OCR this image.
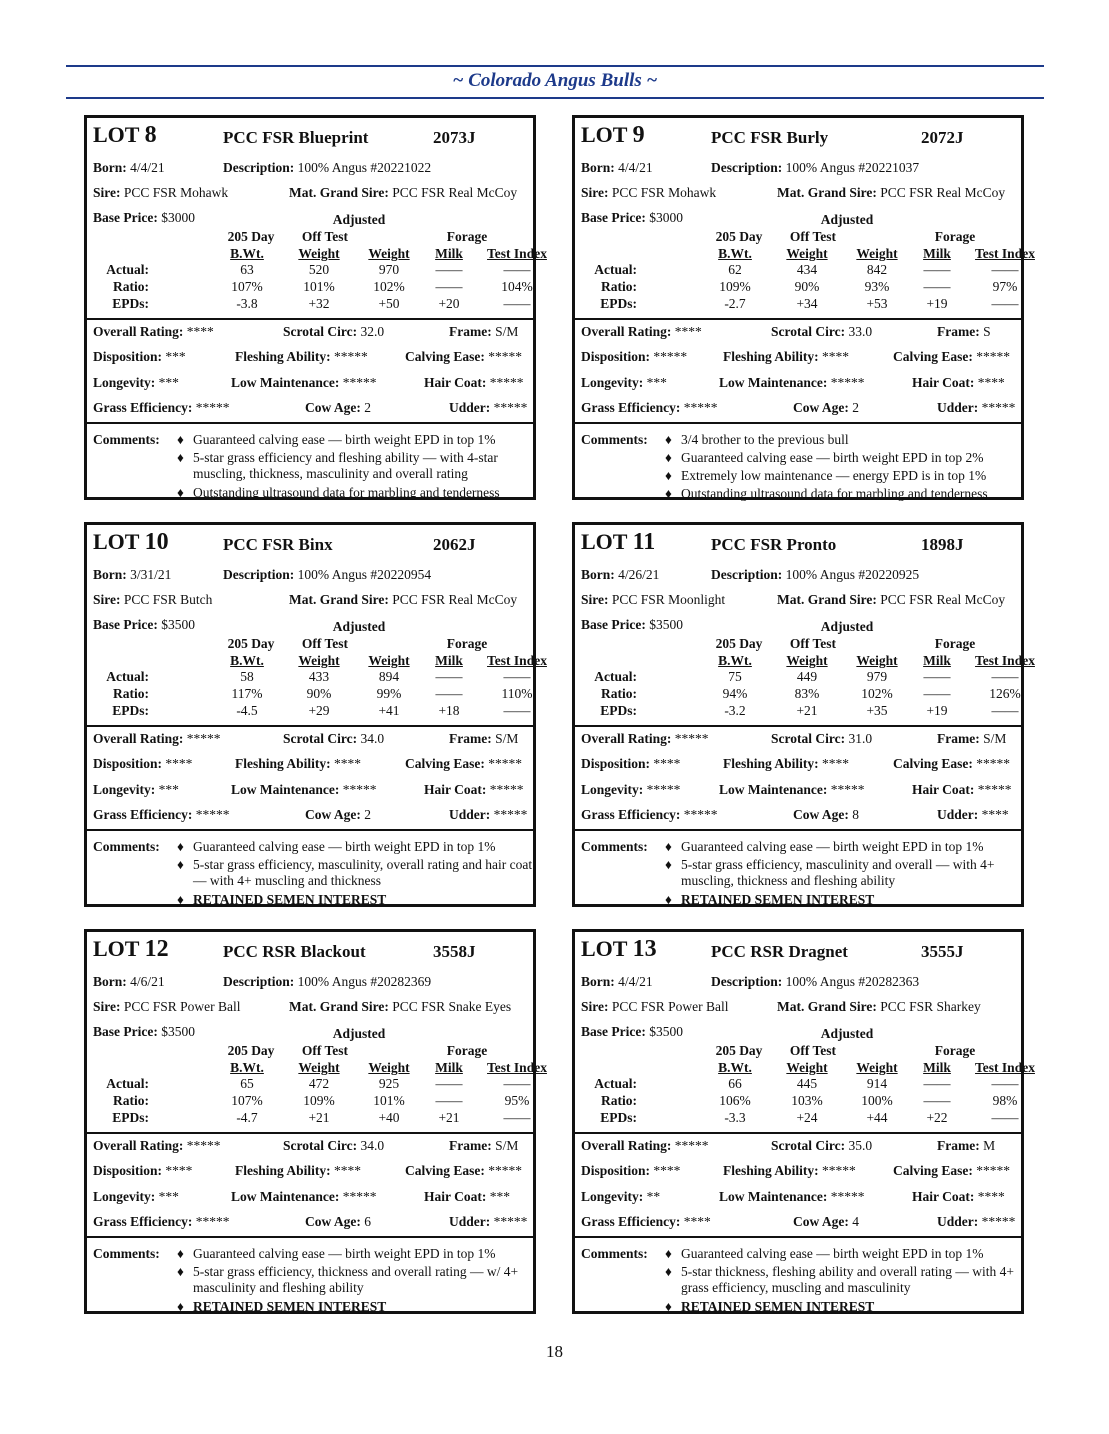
~ Colorado Angus Bulls ~
LOT 8	PCC FSR Blueprint	2073J
Born: 4/4/21	Description: 100% Angus #20221022
Sire: PCC FSR Mohawk	Mat. Grand Sire: PCC FSR Real McCoy
Base Price: $3000	Adjusted
205 Day	Off Test	Forage
B.Wt.	Weight	Weight	Milk	Test Index
Actual:	63	520	970	——	——
Ratio:	107%	101%	102%	——	104%
EPDs:	-3.8	+32	+50	+20	——
Overall Rating: ****	Scrotal Circ: 32.0	Frame: S/M
Disposition: ***	Fleshing Ability: *****	Calving Ease: *****
Longevity: ***	Low Maintenance: *****	Hair Coat: *****
Grass Efficiency: *****	Cow Age: 2	Udder: *****
Comments: ♦ Guaranteed calving ease — birth weight EPD in top 1%
♦ 5-star grass efficiency and fleshing ability — with 4-star muscling, thickness, masculinity and overall rating
♦ Outstanding ultrasound data for marbling and tenderness
LOT 9	PCC FSR Burly	2072J
Born: 4/4/21	Description: 100% Angus #20221037
Sire: PCC FSR Mohawk	Mat. Grand Sire: PCC FSR Real McCoy
Base Price: $3000	Adjusted
205 Day	Off Test	Forage
B.Wt.	Weight	Weight	Milk	Test Index
Actual:	62	434	842	——	——
Ratio:	109%	90%	93%	——	97%
EPDs:	-2.7	+34	+53	+19	——
Overall Rating: ****	Scrotal Circ: 33.0	Frame: S
Disposition: *****	Fleshing Ability: ****	Calving Ease: *****
Longevity: ***	Low Maintenance: *****	Hair Coat: ****
Grass Efficiency: *****	Cow Age: 2	Udder: *****
Comments: ♦ 3/4 brother to the previous bull
♦ Guaranteed calving ease — birth weight EPD in top 2%
♦ Extremely low maintenance — energy EPD is in top 1%
♦ Outstanding ultrasound data for marbling and tenderness
LOT 10	PCC FSR Binx	2062J
Born: 3/31/21	Description: 100% Angus #20220954
Sire: PCC FSR Butch	Mat. Grand Sire: PCC FSR Real McCoy
Base Price: $3500	Adjusted
205 Day	Off Test	Forage
B.Wt.	Weight	Weight	Milk	Test Index
Actual:	58	433	894	——	——
Ratio:	117%	90%	99%	——	110%
EPDs:	-4.5	+29	+41	+18	——
Overall Rating: *****	Scrotal Circ: 34.0	Frame: S/M
Disposition: ****	Fleshing Ability: ****	Calving Ease: *****
Longevity: ***	Low Maintenance: *****	Hair Coat: *****
Grass Efficiency: *****	Cow Age: 2	Udder: *****
Comments: ♦ Guaranteed calving ease — birth weight EPD in top 1%
♦ 5-star grass efficiency, masculinity, overall rating and hair coat — with 4+ muscling and thickness
♦ RETAINED SEMEN INTEREST
LOT 11	PCC FSR Pronto	1898J
Born: 4/26/21	Description: 100% Angus #20220925
Sire: PCC FSR Moonlight	Mat. Grand Sire: PCC FSR Real McCoy
Base Price: $3500	Adjusted
205 Day	Off Test	Forage
B.Wt.	Weight	Weight	Milk	Test Index
Actual:	75	449	979	——	——
Ratio:	94%	83%	102%	——	126%
EPDs:	-3.2	+21	+35	+19	——
Overall Rating: *****	Scrotal Circ: 31.0	Frame: S/M
Disposition: ****	Fleshing Ability: ****	Calving Ease: *****
Longevity: *****	Low Maintenance: *****	Hair Coat: *****
Grass Efficiency: *****	Cow Age: 8	Udder: ****
Comments: ♦ Guaranteed calving ease — birth weight EPD in top 1%
♦ 5-star grass efficiency, masculinity and overall — with 4+ muscling, thickness and fleshing ability
♦ RETAINED SEMEN INTEREST
LOT 12	PCC RSR Blackout	3558J
Born: 4/6/21	Description: 100% Angus #20282369
Sire: PCC FSR Power Ball	Mat. Grand Sire: PCC FSR Snake Eyes
Base Price: $3500	Adjusted
205 Day	Off Test	Forage
B.Wt.	Weight	Weight	Milk	Test Index
Actual:	65	472	925	——	——
Ratio:	107%	109%	101%	——	95%
EPDs:	-4.7	+21	+40	+21	——
Overall Rating: *****	Scrotal Circ: 34.0	Frame: S/M
Disposition: ****	Fleshing Ability: ****	Calving Ease: *****
Longevity: ***	Low Maintenance: *****	Hair Coat: ***
Grass Efficiency: *****	Cow Age: 6	Udder: *****
Comments: ♦ Guaranteed calving ease — birth weight EPD in top 1%
♦ 5-star grass efficiency, thickness and overall rating — w/ 4+ masculinity and fleshing ability
♦ RETAINED SEMEN INTEREST
LOT 13	PCC RSR Dragnet	3555J
Born: 4/4/21	Description: 100% Angus #20282363
Sire: PCC FSR Power Ball	Mat. Grand Sire: PCC FSR Sharkey
Base Price: $3500	Adjusted
205 Day	Off Test	Forage
B.Wt.	Weight	Weight	Milk	Test Index
Actual:	66	445	914	——	——
Ratio:	106%	103%	100%	——	98%
EPDs:	-3.3	+24	+44	+22	——
Overall Rating: *****	Scrotal Circ: 35.0	Frame: M
Disposition: ****	Fleshing Ability: *****	Calving Ease: *****
Longevity: **	Low Maintenance: *****	Hair Coat: ****
Grass Efficiency: ****	Cow Age: 4	Udder: *****
Comments: ♦ Guaranteed calving ease — birth weight EPD in top 1%
♦ 5-star thickness, fleshing ability and overall rating — with 4+ grass efficiency, muscling and masculinity
♦ RETAINED SEMEN INTEREST
18
